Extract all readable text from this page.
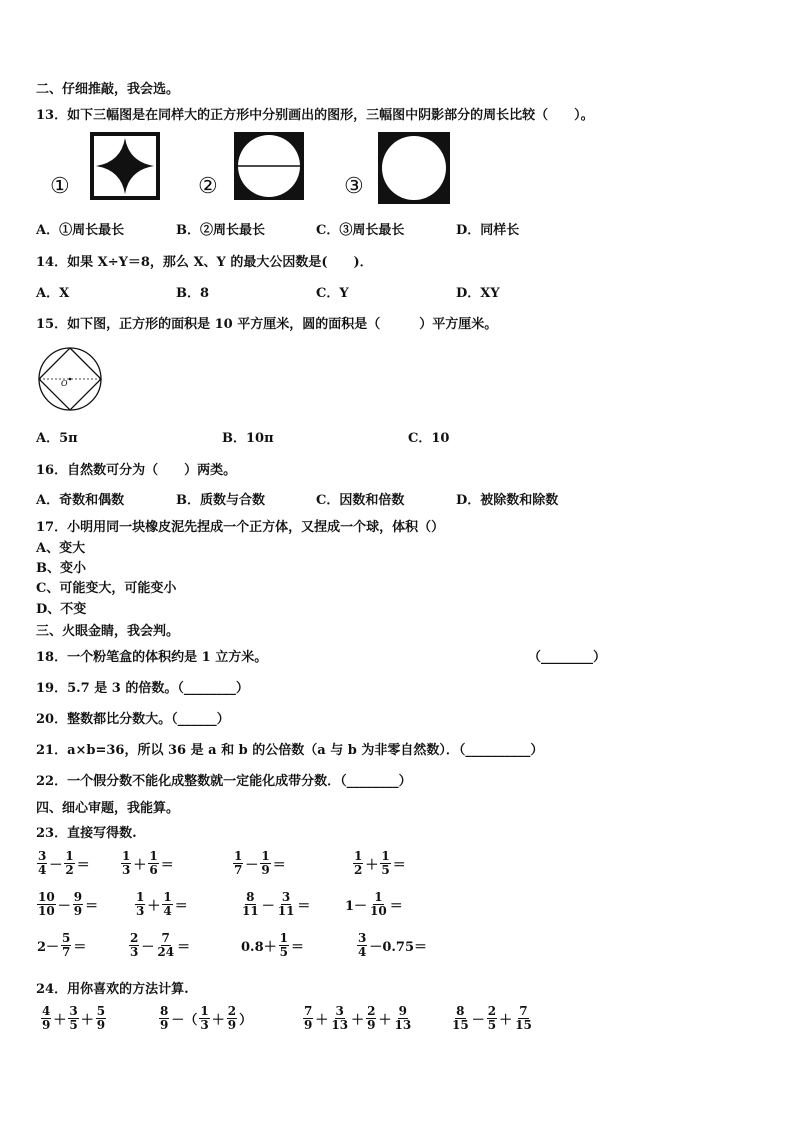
二、仔细推敲，我会选。
13．如下三幅图是在同样大的正方形中分别画出的图形，三幅图中阴影部分的周长比较（　　）。
①	②	③
A．①周长最长	B．②周长最长	C．③周长最长	D．同样长
14．如果 X÷Y＝8，那么 X、Y 的最大公因数是(　　)．
A．X	B．8	C．Y	D．XY
15．如下图，正方形的面积是 10 平方厘米，圆的面积是（　　　）平方厘米。
O
A．5π	B．10π	C．10
16．自然数可分为（　　）两类。
A．奇数和偶数	B．质数与合数	C．因数和倍数	D．被除数和除数
17．小明用同一块橡皮泥先捏成一个正方体，又捏成一个球，体积（）
A、变大
B、变小
C、可能变大，可能变小
D、不变
三、火眼金睛，我会判。
18．一个粉笔盒的体积约是 1 立方米。	（________）
19．5.7 是 3 的倍数。（________）
20．整数都比分数大。（______）
21．a×b=36，所以 36 是 a 和 b 的公倍数（a 与 b 为非零自然数）．（__________）
22．一个假分数不能化成整数就一定能化成带分数．（________）
四、细心审题，我能算。
23．直接写得数.
$\frac{3}{4} - \frac{1}{2}$ ＝	$\frac{1}{3} + \frac{1}{6}$ ＝	$\frac{1}{7} - \frac{1}{9}$ ＝	$\frac{1}{2} + \frac{1}{5}$ ＝
$\frac{10}{10} - \frac{9}{9}$ ＝	$\frac{1}{3} + \frac{1}{4}$ ＝	$\frac{8}{11} - \frac{3}{11}$ ＝	$1- \frac{1}{10}$ ＝
$2- \frac{5}{7}$ ＝	$\frac{2}{3} - \frac{7}{24}$ ＝	$0.8+ \frac{1}{5}$ ＝	$\frac{3}{4} -0.75=$
24．用你喜欢的方法计算.
$\frac{4}{9} + \frac{3}{5} + \frac{5}{9}$	$\frac{8}{9}$ －（ $\frac{1}{3} + \frac{2}{9}$ ）	$\frac{7}{9} + \frac{3}{13} + \frac{2}{9} + \frac{9}{13}$	$\frac{8}{15} - \frac{2}{5} + \frac{7}{15}$
